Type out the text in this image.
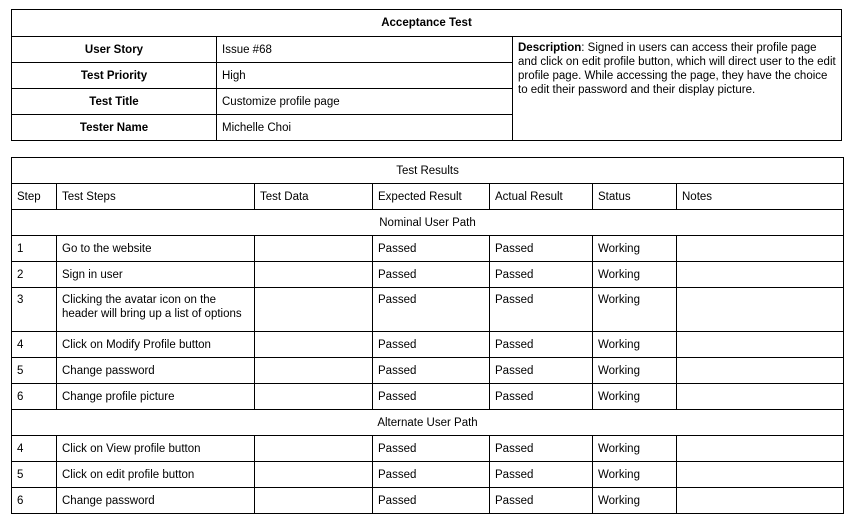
Acceptance Test		
User Story	Issue #68	Description: Signed in users can access their profile page and click on edit profile button, which will direct user to the edit profile page. While accessing the page, they have the choice to edit their password and their display picture.
Test Priority	High	
Test Title	Customize profile page	
Tester Name	Michelle Choi	
Test Results						
Step	Test Steps	Test Data	Expected Result	Actual Result	Status	Notes
Nominal User Path						
1	Go to the website		Passed	Passed	Working	
2	Sign in user		Passed	Passed	Working	
3	Clicking the avatar icon on the header will bring up a list of options		Passed	Passed	Working	
4	Click on Modify Profile button		Passed	Passed	Working	
5	Change password		Passed	Passed	Working	
6	Change profile picture		Passed	Passed	Working	
Alternate User Path						
4	Click on View profile button		Passed	Passed	Working	
5	Click on edit profile button		Passed	Passed	Working	
6	Change password		Passed	Passed	Working	
